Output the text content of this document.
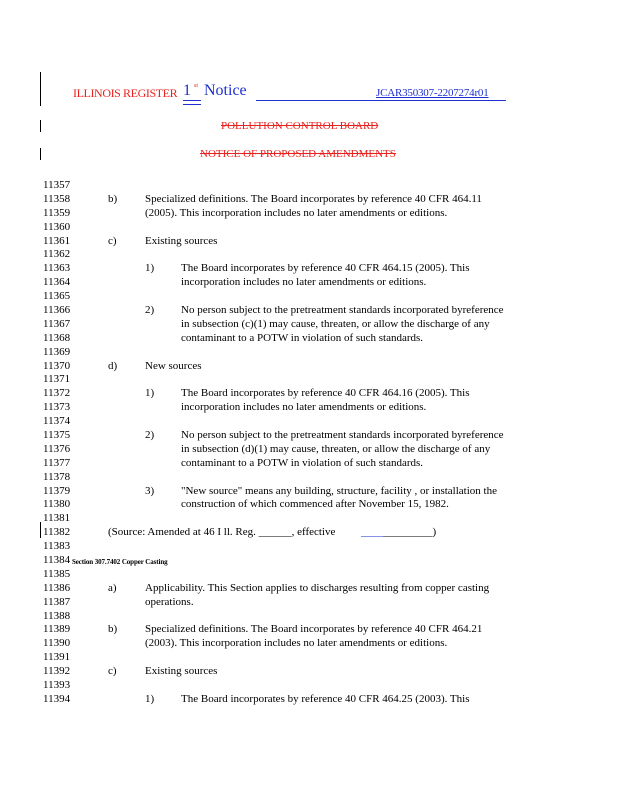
ILLINOIS REGISTER 1 st Notice	JCAR350307-2207274r01
POLLUTION CONTROL BOARD
NOTICE OF PROPOSED AMENDMENTS
11357
11358	b)	Specialized definitions. The Board incorporates by reference 40 CFR 464.11
11359	(2005). This incorporation includes no later amendments or editions.
11360
11361	c)	Existing sources
11362
11363	1) The Board incorporates by reference 40 CFR 464.15 (2005). This
11364	incorporation includes no later amendments or editions.
11365
11366	2) No person subject to the pretreatment standards incorporated byreference
11367	in subsection (c)(1) may cause, threaten, or allow the discharge of any
11368	contaminant to a POTW in violation of such standards.
11369
11370	d)	New sources
11371
11372	1) The Board incorporates by reference 40 CFR 464.16 (2005). This
11373	incorporation includes no later amendments or editions.
11374
11375	2) No person subject to the pretreatment standards incorporated byreference
11376	in subsection (d)(1) may cause, threaten, or allow the discharge of any
11377	contaminant to a POTW in violation of such standards.
11378
11379	3) "New source" means any building, structure, facility , or installation the
11380	construction of which commenced after November 15, 1982.
11381
11382	(Source: Amended at 46 I ll. Reg. ______, effective ____ _________)
11383
11384 Section 307.7402 Copper Casting
11385
11386	a)	Applicability. This Section applies to discharges resulting from copper casting
11387	operations.
11388
11389	b)	Specialized definitions. The Board incorporates by reference 40 CFR 464.21
11390	(2003). This incorporation includes no later amendments or editions.
11391
11392	c)	Existing sources
11393
11394	1) The Board incorporates by reference 40 CFR 464.25 (2003). This
